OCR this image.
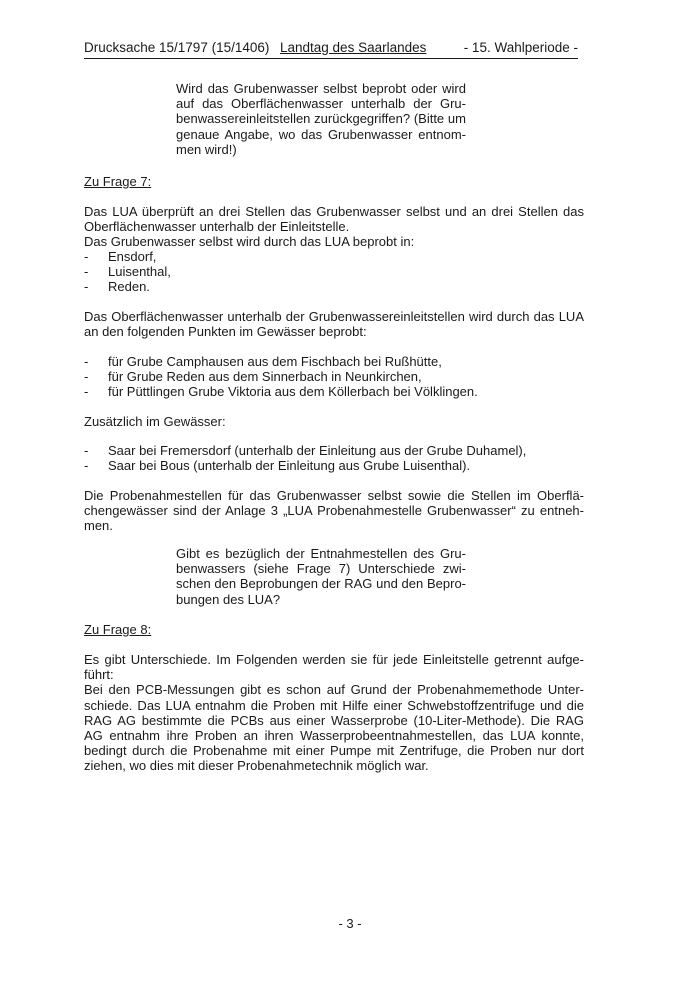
Drucksache 15/1797 (15/1406) Landtag des Saarlandes	- 15. Wahlperiode -
Wird das Grubenwasser selbst beprobt oder wird
auf das Oberflächenwasser unterhalb der Gru-
benwassereinleitstellen zurückgegriffen? (Bitte um
genaue Angabe, wo das Grubenwasser entnom-
men wird!)
Zu Frage 7:
Das LUA überprüft an drei Stellen das Grubenwasser selbst und an drei Stellen das
Oberflächenwasser unterhalb der Einleitstelle.
Das Grubenwasser selbst wird durch das LUA beprobt in:
- Ensdorf,
- Luisenthal,
- Reden.
Das Oberflächenwasser unterhalb der Grubenwassereinleitstellen wird durch das LUA
an den folgenden Punkten im Gewässer beprobt:
- für Grube Camphausen aus dem Fischbach bei Rußhütte,
- für Grube Reden aus dem Sinnerbach in Neunkirchen,
- für Püttlingen Grube Viktoria aus dem Köllerbach bei Völklingen.
Zusätzlich im Gewässer:
- Saar bei Fremersdorf (unterhalb der Einleitung aus der Grube Duhamel),
- Saar bei Bous (unterhalb der Einleitung aus Grube Luisenthal).
Die Probenahmestellen für das Grubenwasser selbst sowie die Stellen im Oberflä-
chengewässer sind der Anlage 3 „LUA Probenahmestelle Grubenwasser“ zu entneh-
men.
Gibt es bezüglich der Entnahmestellen des Gru-
benwassers (siehe Frage 7) Unterschiede zwi-
schen den Beprobungen der RAG und den Bepro-
bungen des LUA?
Zu Frage 8:
Es gibt Unterschiede. Im Folgenden werden sie für jede Einleitstelle getrennt aufge-
führt:
Bei den PCB-Messungen gibt es schon auf Grund der Probenahmemethode Unter-
schiede. Das LUA entnahm die Proben mit Hilfe einer Schwebstoffzentrifuge und die
RAG AG bestimmte die PCBs aus einer Wasserprobe (10-Liter-Methode). Die RAG
AG entnahm ihre Proben an ihren Wasserprobeentnahmestellen, das LUA konnte,
bedingt durch die Probenahme mit einer Pumpe mit Zentrifuge, die Proben nur dort
ziehen, wo dies mit dieser Probenahmetechnik möglich war.
- 3 -
